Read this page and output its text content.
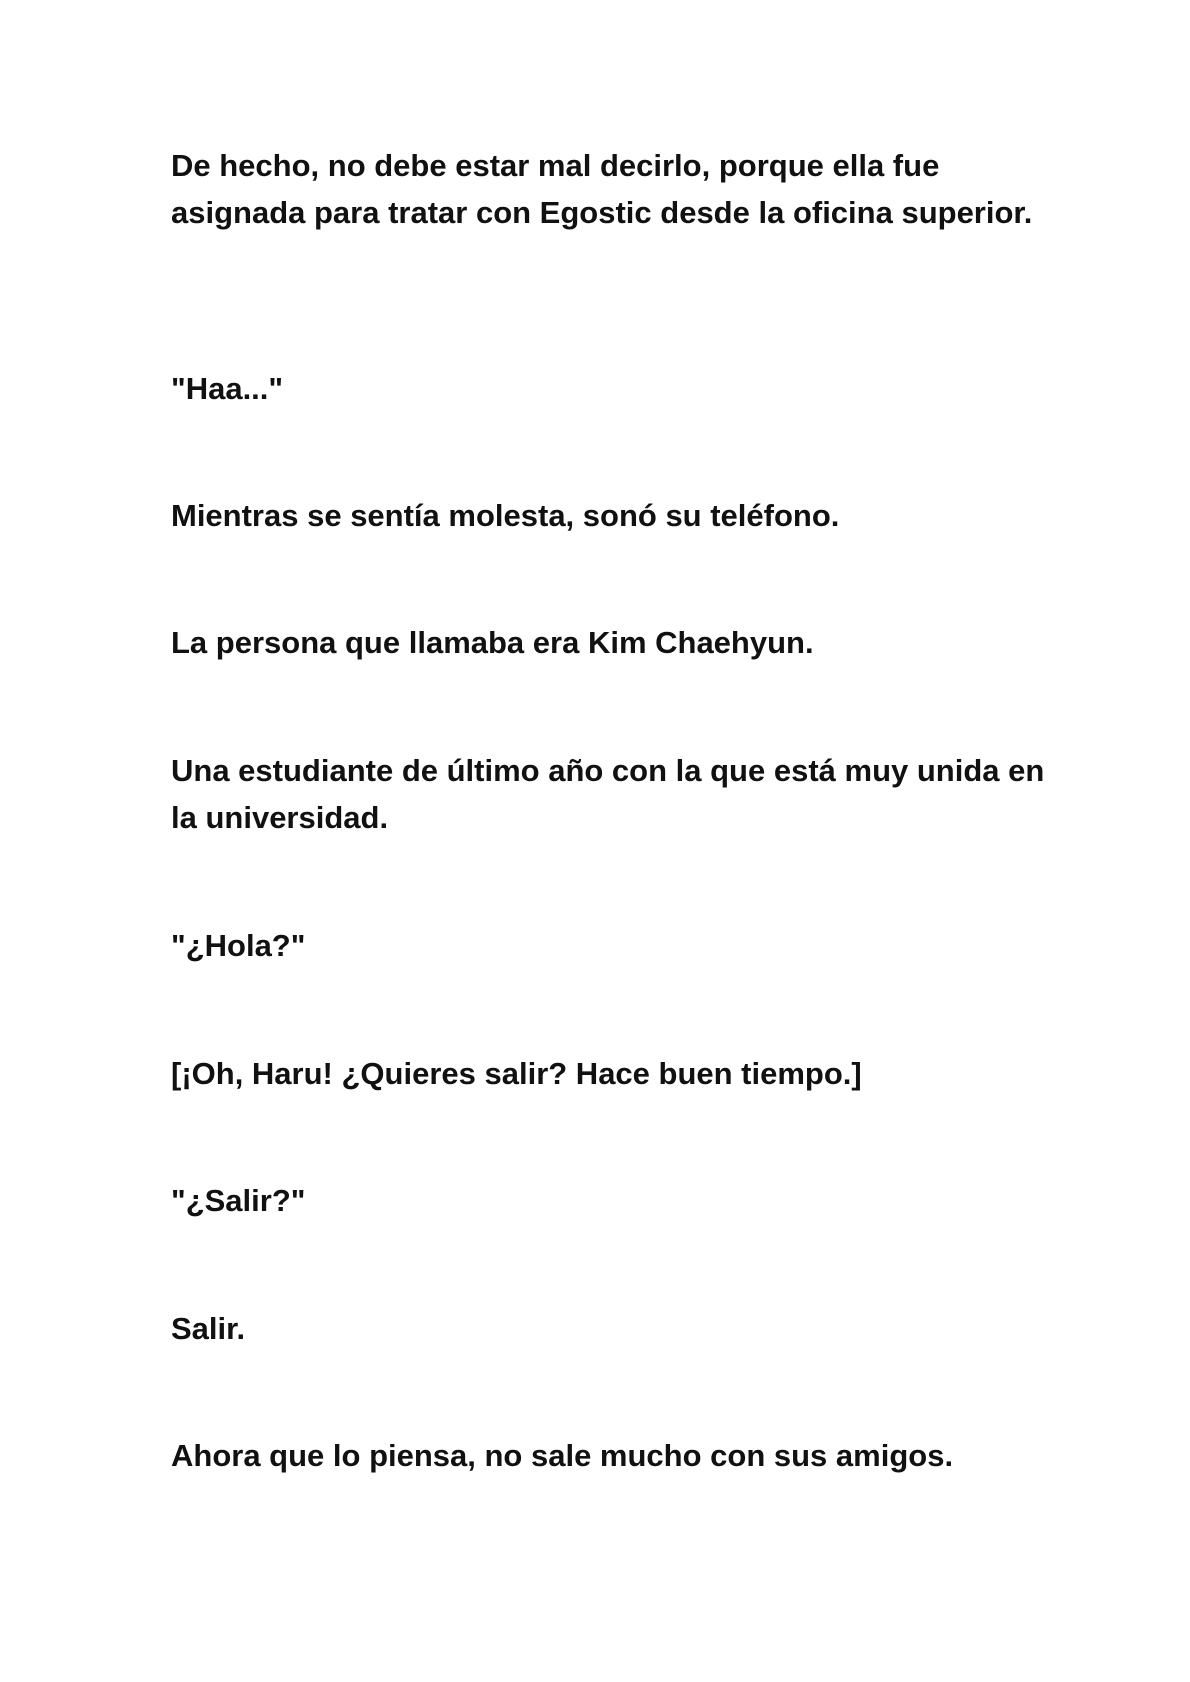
De hecho, no debe estar mal decirlo, porque ella fue asignada para tratar con Egostic desde la oficina superior.

"Haa..."

Mientras se sentía molesta, sonó su teléfono.

La persona que llamaba era Kim Chaehyun.

Una estudiante de último año con la que está muy unida en la universidad.

"¿Hola?"

[¡Oh, Haru! ¿Quieres salir? Hace buen tiempo.]

"¿Salir?"

Salir.

Ahora que lo piensa, no sale mucho con sus amigos.
